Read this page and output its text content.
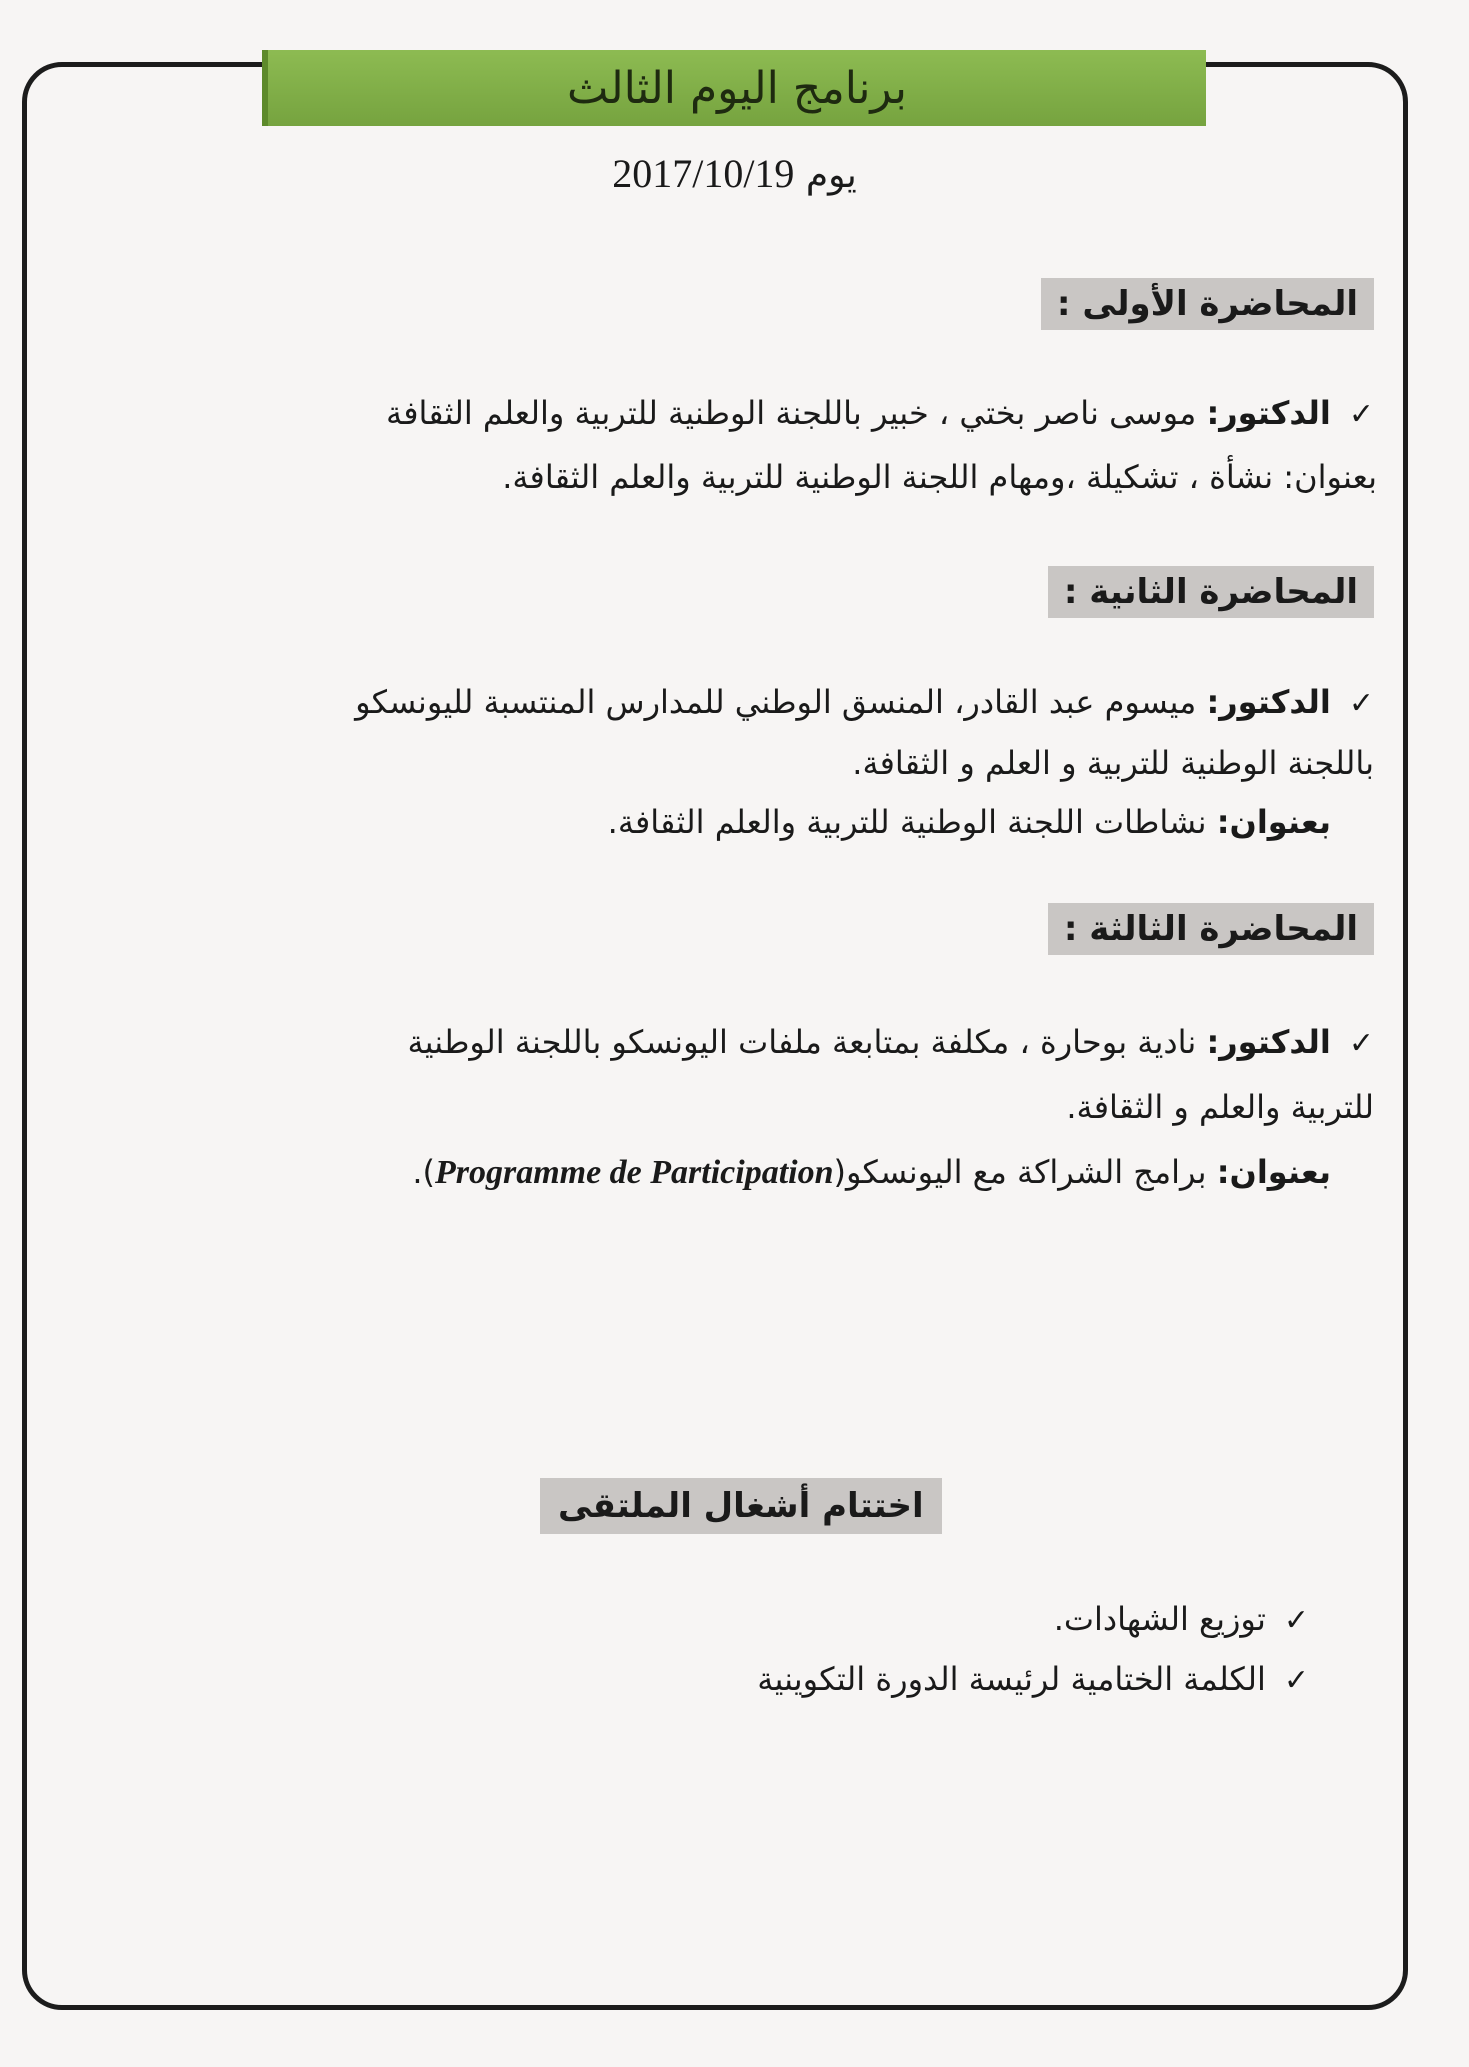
برنامج اليوم الثالث
يوم 2017/10/19
المحاضرة الأولى :
✓الدكتور: موسى ناصر بختي ، خبير باللجنة الوطنية للتربية والعلم الثقافة
بعنوان: نشأة ، تشكيلة ،ومهام اللجنة الوطنية للتربية والعلم الثقافة.
المحاضرة الثانية :
✓الدكتور: ميسوم عبد القادر، المنسق الوطني للمدارس المنتسبة لليونسكو
باللجنة الوطنية للتربية و العلم و الثقافة.
بعنوان: نشاطات اللجنة الوطنية للتربية والعلم الثقافة.
المحاضرة الثالثة :
✓الدكتور: نادية بوحارة ، مكلفة بمتابعة ملفات اليونسكو باللجنة الوطنية
للتربية والعلم و الثقافة.
بعنوان: برامج الشراكة مع اليونسكو(Programme de Participation).
اختتام أشغال الملتقى
✓توزيع الشهادات.
✓الكلمة الختامية لرئيسة الدورة التكوينية
